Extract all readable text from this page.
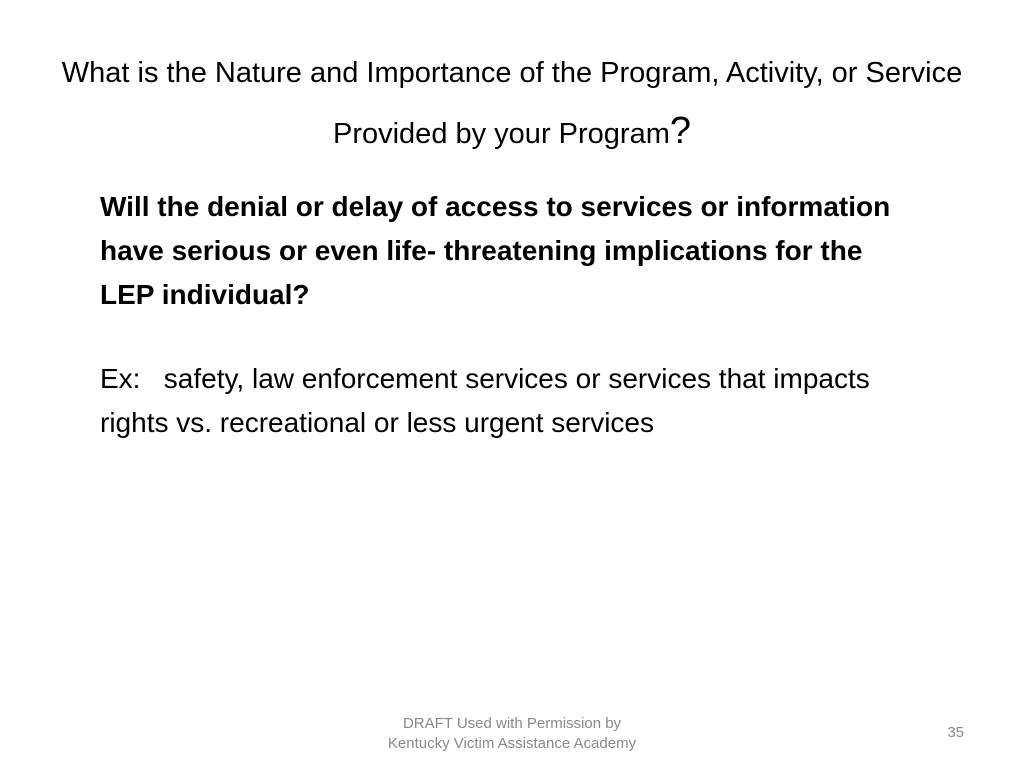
What is the Nature and Importance of the Program, Activity, or Service Provided by your Program?

Will the denial or delay of access to services or information have serious or even life- threatening implications for the LEP individual?

Ex:   safety, law enforcement services or services that impacts rights vs. recreational or less urgent services

DRAFT Used with Permission by
Kentucky Victim Assistance Academy
35
